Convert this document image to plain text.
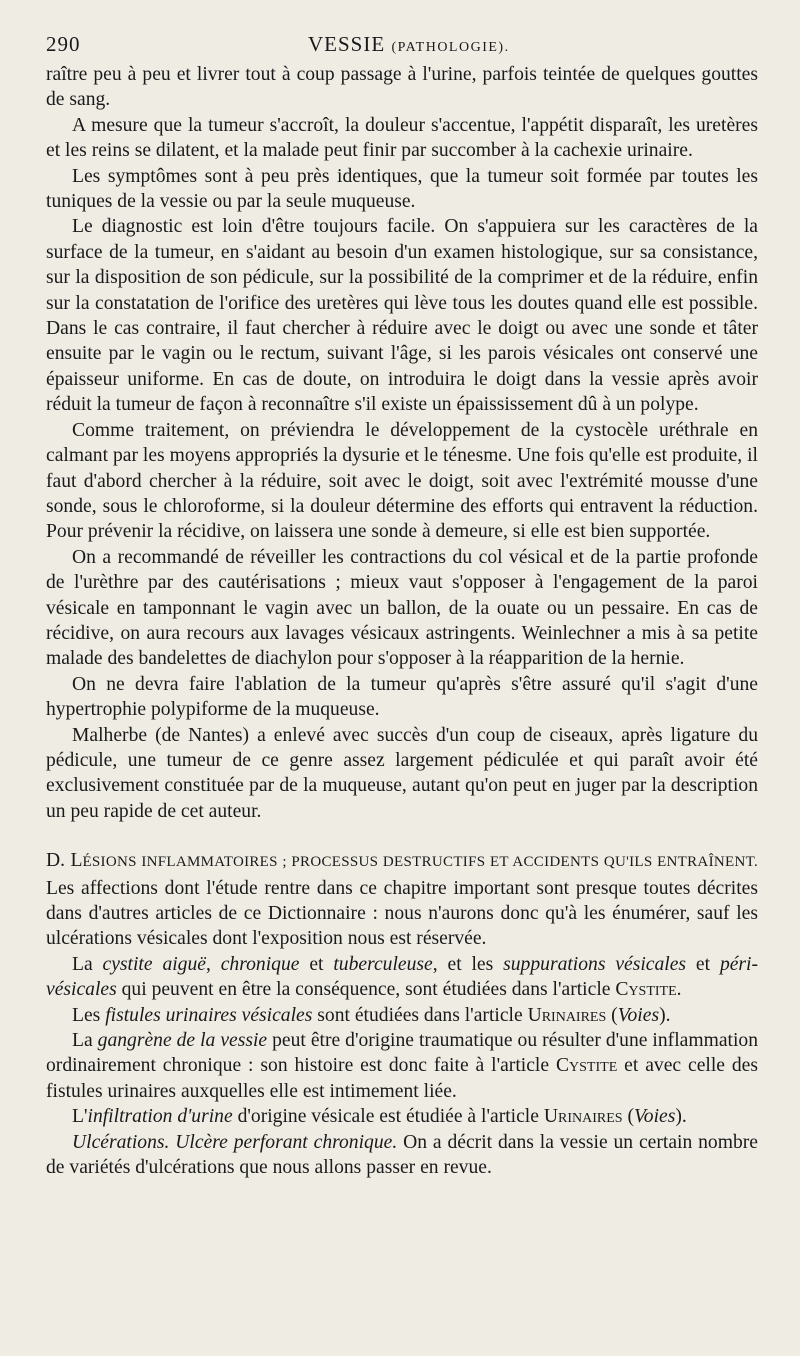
290	VESSIE (PATHOLOGIE).

raître peu à peu et livrer tout à coup passage à l'urine, parfois teintée de quelques gouttes de sang.

A mesure que la tumeur s'accroît, la douleur s'accentue, l'appétit disparaît, les uretères et les reins se dilatent, et la malade peut finir par succomber à la cachexie urinaire.

Les symptômes sont à peu près identiques, que la tumeur soit formée par toutes les tuniques de la vessie ou par la seule muqueuse.

Le diagnostic est loin d'être toujours facile. On s'appuiera sur les caractères de la surface de la tumeur, en s'aidant au besoin d'un examen histologique, sur sa consistance, sur la disposition de son pédicule, sur la possibilité de la comprimer et de la réduire, enfin sur la constatation de l'orifice des uretères qui lève tous les doutes quand elle est possible. Dans le cas contraire, il faut chercher à réduire avec le doigt ou avec une sonde et tâter ensuite par le vagin ou le rectum, suivant l'âge, si les parois vésicales ont conservé une épaisseur uniforme. En cas de doute, on introduira le doigt dans la vessie après avoir réduit la tumeur de façon à reconnaître s'il existe un épaississement dû à un polype.

Comme traitement, on préviendra le développement de la cystocèle uréthrale en calmant par les moyens appropriés la dysurie et le ténesme. Une fois qu'elle est produite, il faut d'abord chercher à la réduire, soit avec le doigt, soit avec l'extrémité mousse d'une sonde, sous le chloroforme, si la douleur détermine des efforts qui entravent la réduction. Pour prévenir la récidive, on laissera une sonde à demeure, si elle est bien supportée.

On a recommandé de réveiller les contractions du col vésical et de la partie profonde de l'urèthre par des cautérisations ; mieux vaut s'opposer à l'engagement de la paroi vésicale en tamponnant le vagin avec un ballon, de la ouate ou un pessaire. En cas de récidive, on aura recours aux lavages vésicaux astringents. Weinlechner a mis à sa petite malade des bandelettes de diachylon pour s'opposer à la réapparition de la hernie.

On ne devra faire l'ablation de la tumeur qu'après s'être assuré qu'il s'agit d'une hypertrophie polypiforme de la muqueuse.

Malherbe (de Nantes) a enlevé avec succès d'un coup de ciseaux, après ligature du pédicule, une tumeur de ce genre assez largement pédiculée et qui paraît avoir été exclusivement constituée par de la muqueuse, autant qu'on peut en juger par la description un peu rapide de cet auteur.

D. LÉSIONS INFLAMMATOIRES ; PROCESSUS DESTRUCTIFS ET ACCIDENTS QU'ILS ENTRAÎNENT. Les affections dont l'étude rentre dans ce chapitre important sont presque toutes décrites dans d'autres articles de ce Dictionnaire : nous n'aurons donc qu'à les énumérer, sauf les ulcérations vésicales dont l'exposition nous est réservée.

La cystite aiguë, chronique et tuberculeuse, et les suppurations vésicales et péri-vésicales qui peuvent en être la conséquence, sont étudiées dans l'article Cystite.

Les fistules urinaires vésicales sont étudiées dans l'article Urinaires (Voies).

La gangrène de la vessie peut être d'origine traumatique ou résulter d'une inflammation ordinairement chronique : son histoire est donc faite à l'article Cystite et avec celle des fistules urinaires auxquelles elle est intimement liée.

L'infiltration d'urine d'origine vésicale est étudiée à l'article Urinaires (Voies).

Ulcérations. Ulcère perforant chronique. On a décrit dans la vessie un certain nombre de variétés d'ulcérations que nous allons passer en revue.
